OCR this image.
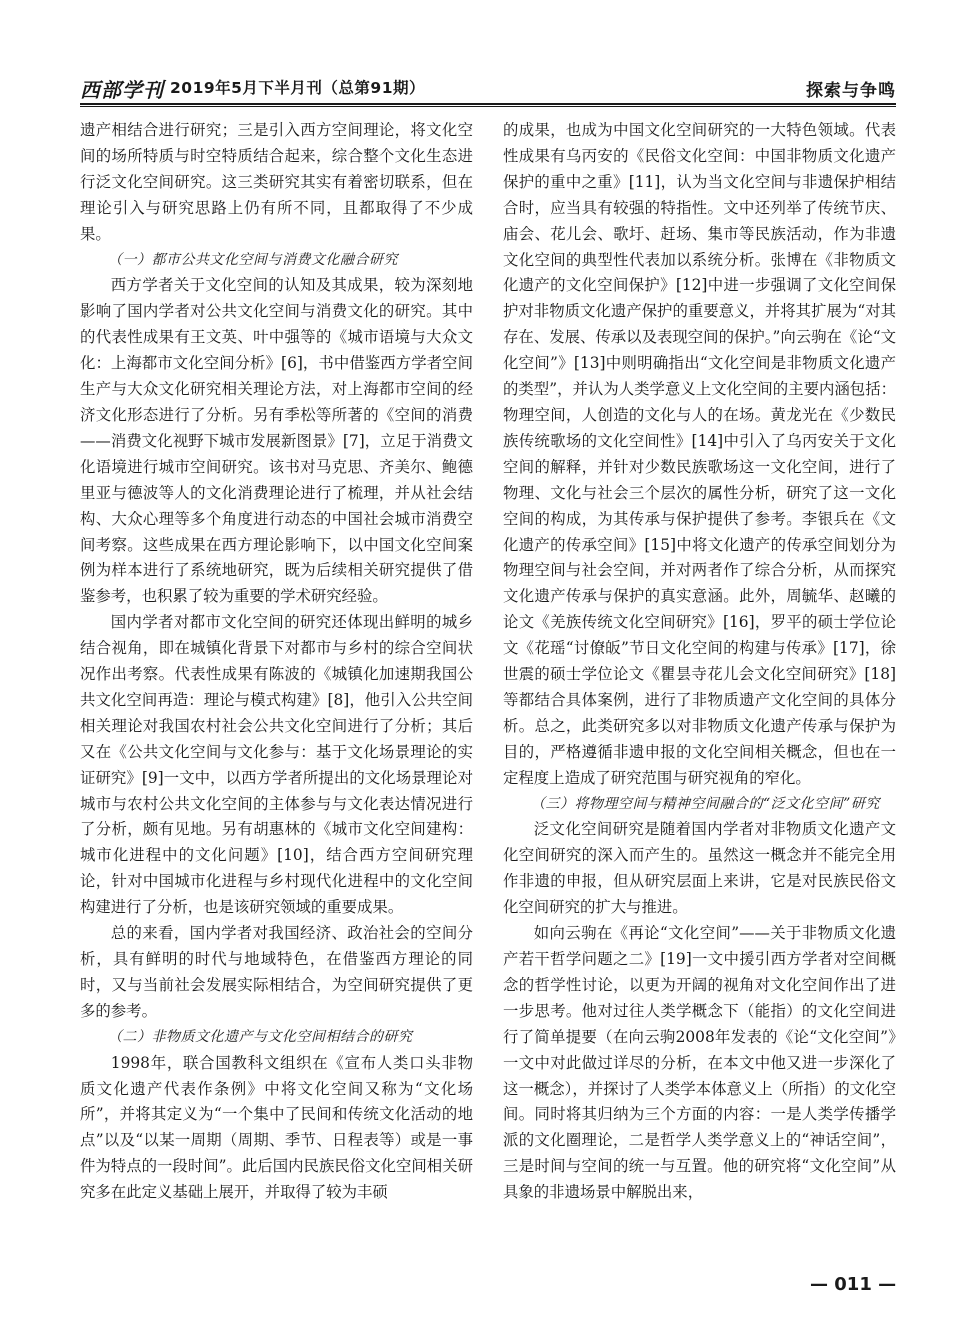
西部学刊 2019年5月下半月刊（总第91期）	探索与争鸣

遗产相结合进行研究；三是引入西方空间理论，将文化空间的场所特质与时空特质结合起来，综合整个文化生态进行泛文化空间研究。这三类研究其实有着密切联系，但在理论引入与研究思路上仍有所不同，且都取得了不少成果。

（一）都市公共文化空间与消费文化融合研究

西方学者关于文化空间的认知及其成果，较为深刻地影响了国内学者对公共文化空间与消费文化的研究。其中的代表性成果有王文英、叶中强等的《城市语境与大众文化：上海都市文化空间分析》[6]，书中借鉴西方学者空间生产与大众文化研究相关理论方法，对上海都市空间的经济文化形态进行了分析。另有季松等所著的《空间的消费——消费文化视野下城市发展新图景》[7]，立足于消费文化语境进行城市空间研究。该书对马克思、齐美尔、鲍德里亚与德波等人的文化消费理论进行了梳理，并从社会结构、大众心理等多个角度进行动态的中国社会城市消费空间考察。这些成果在西方理论影响下，以中国文化空间案例为样本进行了系统地研究，既为后续相关研究提供了借鉴参考，也积累了较为重要的学术研究经验。

国内学者对都市文化空间的研究还体现出鲜明的城乡结合视角，即在城镇化背景下对都市与乡村的综合空间状况作出考察。代表性成果有陈波的《城镇化加速期我国公共文化空间再造：理论与模式构建》[8]，他引入公共空间相关理论对我国农村社会公共文化空间进行了分析；其后又在《公共文化空间与文化参与：基于文化场景理论的实证研究》[9]一文中，以西方学者所提出的文化场景理论对城市与农村公共文化空间的主体参与与文化表达情况进行了分析，颇有见地。另有胡惠林的《城市文化空间建构：城市化进程中的文化问题》[10]，结合西方空间研究理论，针对中国城市化进程与乡村现代化进程中的文化空间构建进行了分析，也是该研究领域的重要成果。

总的来看，国内学者对我国经济、政治社会的空间分析，具有鲜明的时代与地域特色，在借鉴西方理论的同时，又与当前社会发展实际相结合，为空间研究提供了更多的参考。

（二）非物质文化遗产与文化空间相结合的研究

1998年，联合国教科文组织在《宣布人类口头非物质文化遗产代表作条例》中将文化空间又称为“文化场所”，并将其定义为“一个集中了民间和传统文化活动的地点”以及“以某一周期（周期、季节、日程表等）或是一事件为特点的一段时间”。此后国内民族民俗文化空间相关研究多在此定义基础上展开，并取得了较为丰硕

的成果，也成为中国文化空间研究的一大特色领域。代表性成果有乌丙安的《民俗文化空间：中国非物质文化遗产保护的重中之重》[11]，认为当文化空间与非遗保护相结合时，应当具有较强的特指性。文中还列举了传统节庆、庙会、花儿会、歌圩、赶场、集市等民族活动，作为非遗文化空间的典型性代表加以系统分析。张博在《非物质文化遗产的文化空间保护》[12]中进一步强调了文化空间保护对非物质文化遗产保护的重要意义，并将其扩展为“对其存在、发展、传承以及表现空间的保护。”向云驹在《论“文化空间”》[13]中则明确指出“文化空间是非物质文化遗产的类型”，并认为人类学意义上文化空间的主要内涵包括：物理空间，人创造的文化与人的在场。黄龙光在《少数民族传统歌场的文化空间性》[14]中引入了乌丙安关于文化空间的解释，并针对少数民族歌场这一文化空间，进行了物理、文化与社会三个层次的属性分析，研究了这一文化空间的构成，为其传承与保护提供了参考。李银兵在《文化遗产的传承空间》[15]中将文化遗产的传承空间划分为物理空间与社会空间，并对两者作了综合分析，从而探究文化遗产传承与保护的真实意涵。此外，周毓华、赵曦的论文《羌族传统文化空间研究》[16]，罗平的硕士学位论文《花瑶“讨僚皈”节日文化空间的构建与传承》[17]，徐世震的硕士学位论文《瞿昙寺花儿会文化空间研究》[18]等都结合具体案例，进行了非物质遗产文化空间的具体分析。总之，此类研究多以对非物质文化遗产传承与保护为目的，严格遵循非遗申报的文化空间相关概念，但也在一定程度上造成了研究范围与研究视角的窄化。

（三）将物理空间与精神空间融合的“泛文化空间”研究

泛文化空间研究是随着国内学者对非物质文化遗产文化空间研究的深入而产生的。虽然这一概念并不能完全用作非遗的申报，但从研究层面上来讲，它是对民族民俗文化空间研究的扩大与推进。

如向云驹在《再论“文化空间”——关于非物质文化遗产若干哲学问题之二》[19]一文中援引西方学者对空间概念的哲学性讨论，以更为开阔的视角对文化空间作出了进一步思考。他对过往人类学概念下（能指）的文化空间进行了简单提要（在向云驹2008年发表的《论“文化空间”》一文中对此做过详尽的分析，在本文中他又进一步深化了这一概念），并探讨了人类学本体意义上（所指）的文化空间。同时将其归纳为三个方面的内容：一是人类学传播学派的文化圈理论，二是哲学人类学意义上的“神话空间”，三是时间与空间的统一与互置。他的研究将“文化空间”从具象的非遗场景中解脱出来，

— 011 —
